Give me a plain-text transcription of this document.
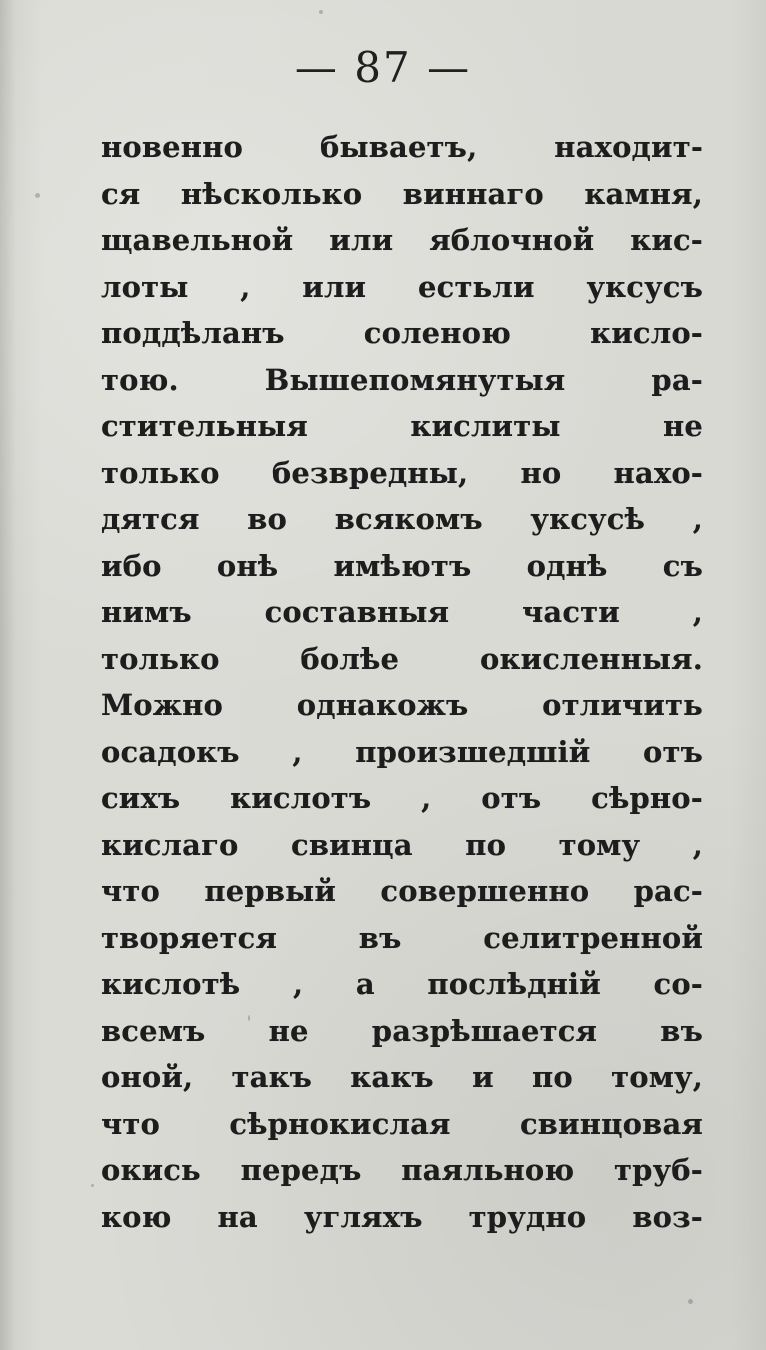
— 87 —
новенно бываетъ, находит-
ся нѣсколько виннаго камня,
щавельной или яблочной кис-
лоты , или естьли уксусъ
поддѣланъ соленою кисло-
тою. Вышепомянутыя ра-
стительныя кислиты не
только безвредны, но нахо-
дятся во всякомъ уксусѣ ,
ибо онѣ имѣютъ однѣ съ
нимъ составныя части ,
только болѣе окисленныя.
Можно однакожъ отличить
осадокъ , произшедшій отъ
сихъ кислотъ , отъ сѣрно-
кислаго свинца по тому ,
что первый совершенно рас-
творяется въ селитренной
кислотѣ , а послѣдній со-
всемъ не разрѣшается въ
оной, такъ какъ и по тому,
что сѣрнокислая свинцовая
окись передъ паяльною труб-
кою на угляхъ трудно воз-
